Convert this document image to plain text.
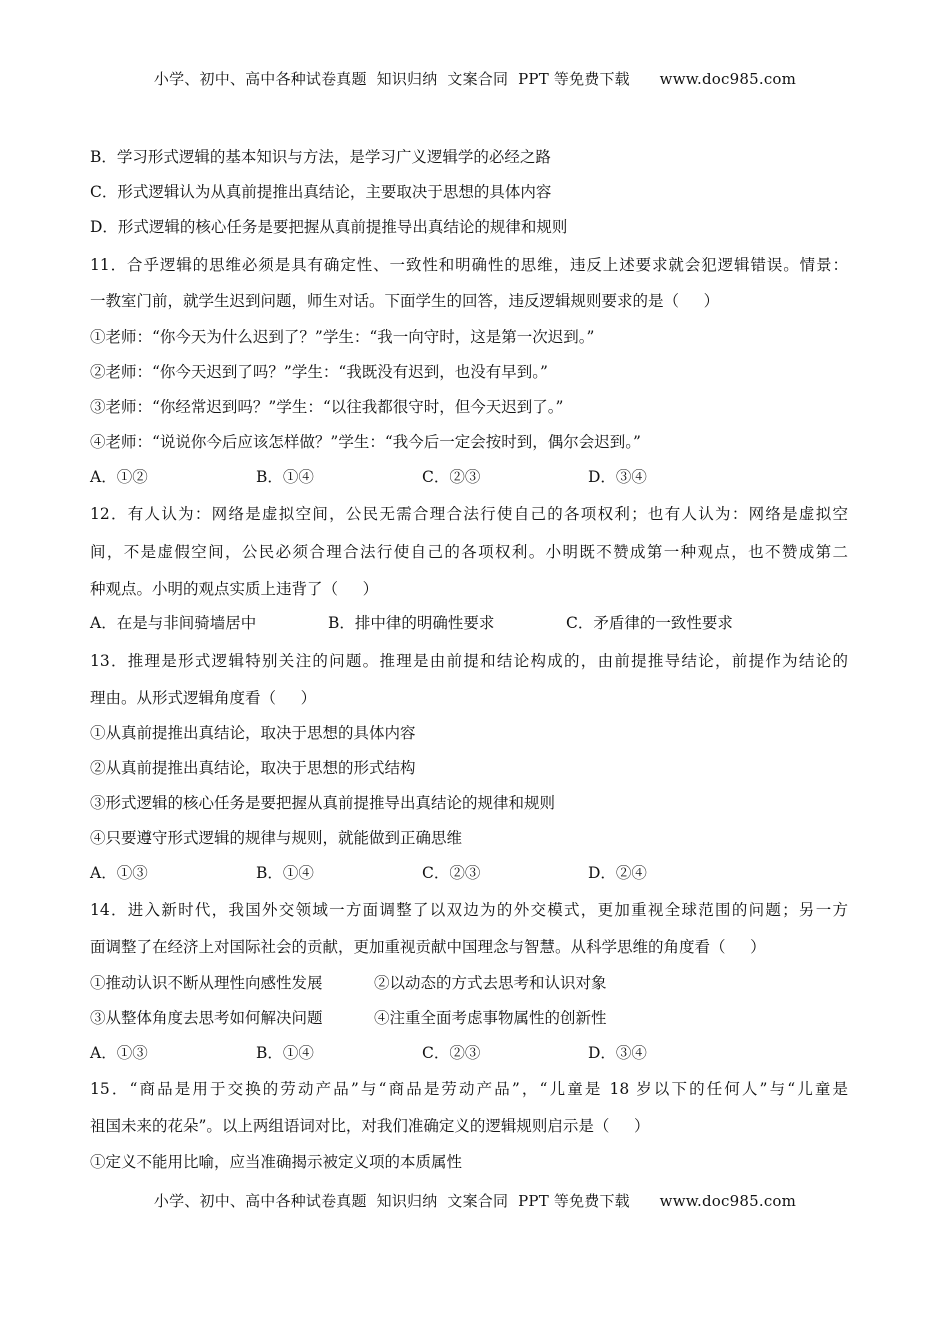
小学、初中、高中各种试卷真题  知识归纳  文案合同  PPT 等免费下载      www.doc985.com
B．学习形式逻辑的基本知识与方法，是学习广义逻辑学的必经之路
C．形式逻辑认为从真前提推出真结论，主要取决于思想的具体内容
D．形式逻辑的核心任务是要把握从真前提推导出真结论的规律和规则
11．合乎逻辑的思维必须是具有确定性、一致性和明确性的思维，违反上述要求就会犯逻辑错误。情景：
一教室门前，就学生迟到问题，师生对话。下面学生的回答，违反逻辑规则要求的是（     ）
①老师：“你今天为什么迟到了？”学生：“我一向守时，这是第一次迟到。”
②老师：“你今天迟到了吗？”学生：“我既没有迟到，也没有早到。”
③老师：“你经常迟到吗？”学生：“以往我都很守时，但今天迟到了。”
④老师：“说说你今后应该怎样做？”学生：“我今后一定会按时到，偶尔会迟到。”
A．①②	B．①④	C．②③	D．③④
12．有人认为：网络是虚拟空间，公民无需合理合法行使自己的各项权利；也有人认为：网络是虚拟空
间，不是虚假空间，公民必须合理合法行使自己的各项权利。小明既不赞成第一种观点，也不赞成第二
种观点。小明的观点实质上违背了（     ）
A．在是与非间骑墙居中	B．排中律的明确性要求	C．矛盾律的一致性要求
13．推理是形式逻辑特别关注的问题。推理是由前提和结论构成的，由前提推导结论，前提作为结论的
理由。从形式逻辑角度看（     ）
①从真前提推出真结论，取决于思想的具体内容
②从真前提推出真结论，取决于思想的形式结构
③形式逻辑的核心任务是要把握从真前提推导出真结论的规律和规则
④只要遵守形式逻辑的规律与规则，就能做到正确思维
A．①③	B．①④	C．②③	D．②④
14．进入新时代，我国外交领域一方面调整了以双边为的外交模式，更加重视全球范围的问题；另一方
面调整了在经济上对国际社会的贡献，更加重视贡献中国理念与智慧。从科学思维的角度看（     ）
①推动认识不断从理性向感性发展	②以动态的方式去思考和认识对象
③从整体角度去思考如何解决问题	④注重全面考虑事物属性的创新性
A．①③	B．①④	C．②③	D．③④
15．“商品是用于交换的劳动产品”与“商品是劳动产品”，“儿童是 18 岁以下的任何人”与“儿童是
祖国未来的花朵”。以上两组语词对比，对我们准确定义的逻辑规则启示是（     ）
①定义不能用比喻，应当准确揭示被定义项的本质属性
小学、初中、高中各种试卷真题  知识归纳  文案合同  PPT 等免费下载      www.doc985.com
